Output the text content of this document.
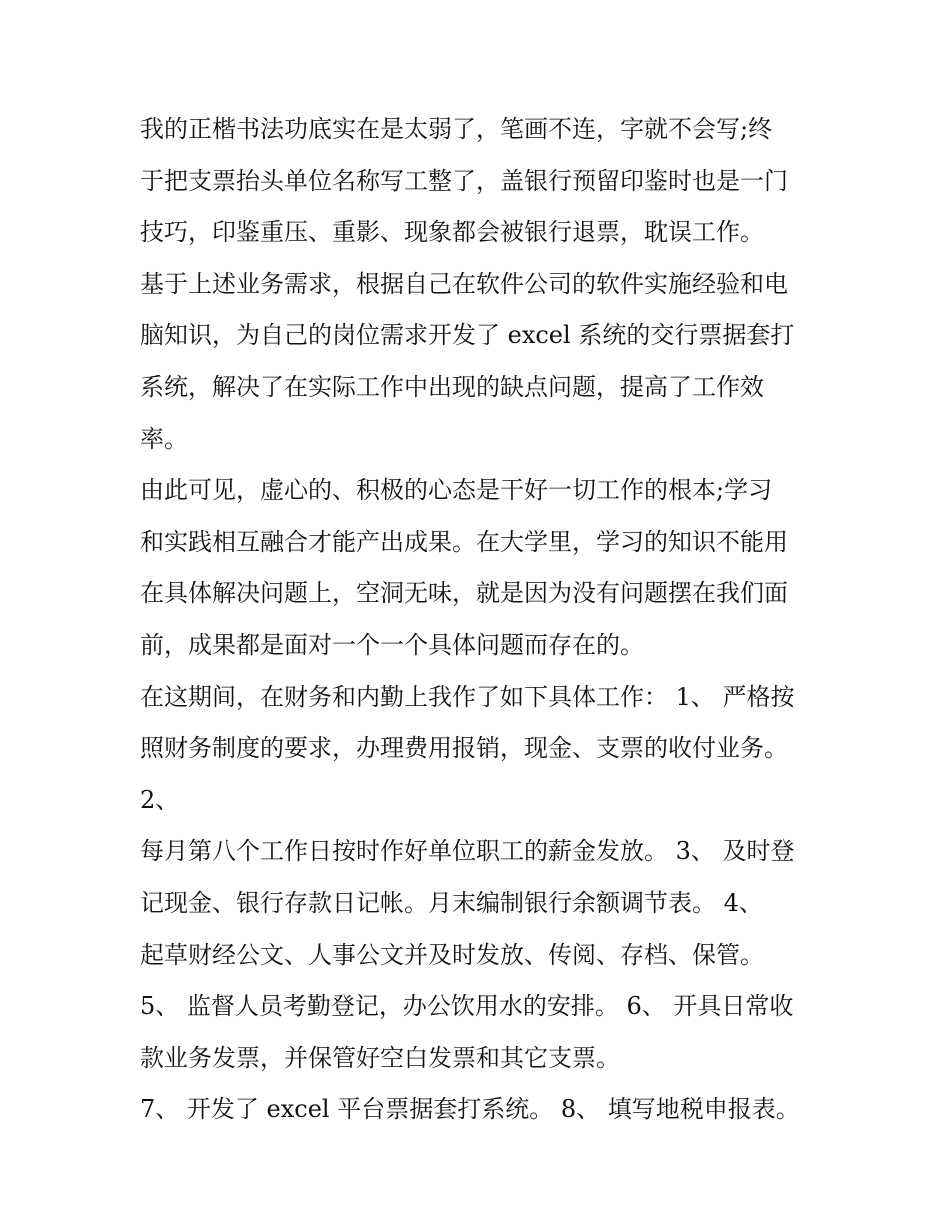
我的正楷书法功底实在是太弱了，笔画不连，字就不会写;终
于把支票抬头单位名称写工整了，盖银行预留印鉴时也是一门
技巧，印鉴重压、重影、现象都会被银行退票，耽误工作。

基于上述业务需求，根据自己在软件公司的软件实施经验和电
脑知识，为自己的岗位需求开发了 excel 系统的交行票据套打
系统，解决了在实际工作中出现的缺点问题，提高了工作效
率。

由此可见，虚心的、积极的心态是干好一切工作的根本;学习
和实践相互融合才能产出成果。在大学里，学习的知识不能用
在具体解决问题上，空洞无味，就是因为没有问题摆在我们面
前，成果都是面对一个一个具体问题而存在的。

在这期间，在财务和内勤上我作了如下具体工作： 1、 严格按
照财务制度的要求，办理费用报销，现金、支票的收付业务。
2、

每月第八个工作日按时作好单位职工的薪金发放。 3、 及时登
记现金、银行存款日记帐。月末编制银行余额调节表。 4、
起草财经公文、人事公文并及时发放、传阅、存档、保管。
5、 监督人员考勤登记，办公饮用水的安排。 6、 开具日常收
款业务发票，并保管好空白发票和其它支票。

7、 开发了 excel 平台票据套打系统。 8、 填写地税申报表。
